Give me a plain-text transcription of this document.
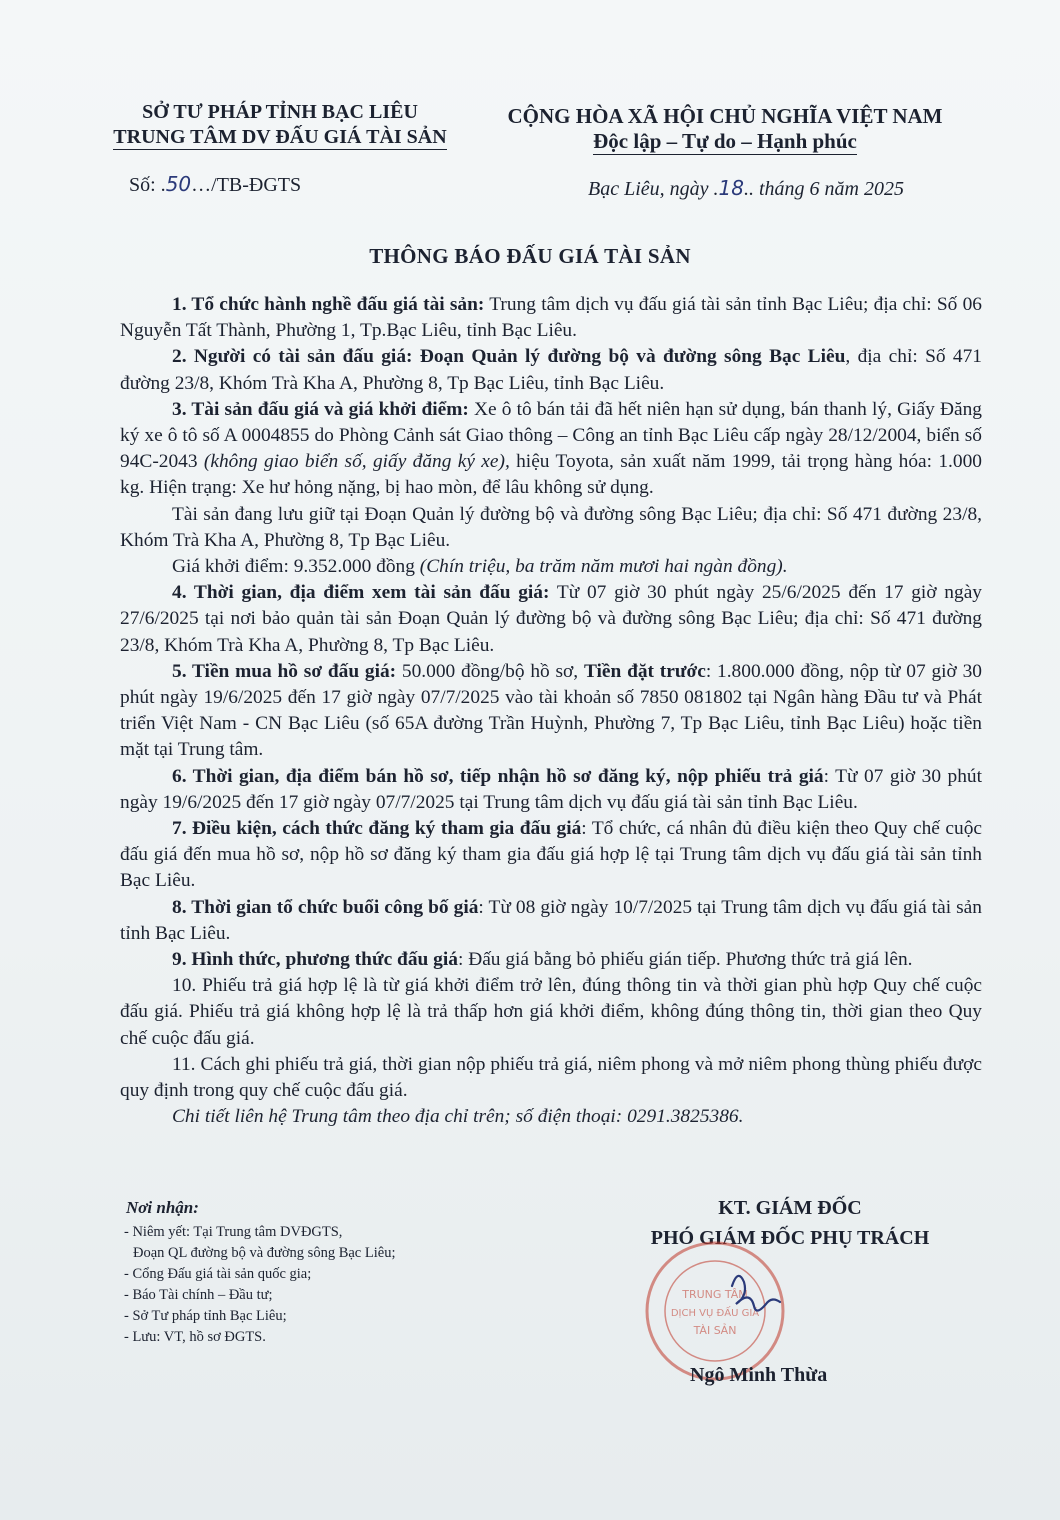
SỞ TƯ PHÁP TỈNH BẠC LIÊU
TRUNG TÂM DV ĐẤU GIÁ TÀI SẢN
CỘNG HÒA XÃ HỘI CHỦ NGHĨA VIỆT NAM
Độc lập – Tự do – Hạnh phúc
Số: .50…/TB-ĐGTS	Bạc Liêu, ngày .18.. tháng 6 năm 2025
THÔNG BÁO ĐẤU GIÁ TÀI SẢN

1. Tổ chức hành nghề đấu giá tài sản: Trung tâm dịch vụ đấu giá tài sản tỉnh Bạc Liêu; địa chỉ: Số 06 Nguyễn Tất Thành, Phường 1, Tp.Bạc Liêu, tỉnh Bạc Liêu.

2. Người có tài sản đấu giá: Đoạn Quản lý đường bộ và đường sông Bạc Liêu, địa chỉ: Số 471 đường 23/8, Khóm Trà Kha A, Phường 8, Tp Bạc Liêu, tỉnh Bạc Liêu.

3. Tài sản đấu giá và giá khởi điểm: Xe ô tô bán tải đã hết niên hạn sử dụng, bán thanh lý, Giấy Đăng ký xe ô tô số A 0004855 do Phòng Cảnh sát Giao thông – Công an tỉnh Bạc Liêu cấp ngày 28/12/2004, biển số 94C-2043 (không giao biển số, giấy đăng ký xe), hiệu Toyota, sản xuất năm 1999, tải trọng hàng hóa: 1.000 kg. Hiện trạng: Xe hư hỏng nặng, bị hao mòn, để lâu không sử dụng.

Tài sản đang lưu giữ tại Đoạn Quản lý đường bộ và đường sông Bạc Liêu; địa chỉ: Số 471 đường 23/8, Khóm Trà Kha A, Phường 8, Tp Bạc Liêu.

Giá khởi điểm: 9.352.000 đồng (Chín triệu, ba trăm năm mươi hai ngàn đồng).

4. Thời gian, địa điểm xem tài sản đấu giá: Từ 07 giờ 30 phút ngày 25/6/2025 đến 17 giờ ngày 27/6/2025 tại nơi bảo quản tài sản Đoạn Quản lý đường bộ và đường sông Bạc Liêu; địa chỉ: Số 471 đường 23/8, Khóm Trà Kha A, Phường 8, Tp Bạc Liêu.

5. Tiền mua hồ sơ đấu giá: 50.000 đồng/bộ hồ sơ, Tiền đặt trước: 1.800.000 đồng, nộp từ 07 giờ 30 phút ngày 19/6/2025 đến 17 giờ ngày 07/7/2025 vào tài khoản số 7850 081802 tại Ngân hàng Đầu tư và Phát triển Việt Nam - CN Bạc Liêu (số 65A đường Trần Huỳnh, Phường 7, Tp Bạc Liêu, tỉnh Bạc Liêu) hoặc tiền mặt tại Trung tâm.

6. Thời gian, địa điểm bán hồ sơ, tiếp nhận hồ sơ đăng ký, nộp phiếu trả giá: Từ 07 giờ 30 phút ngày 19/6/2025 đến 17 giờ ngày 07/7/2025 tại Trung tâm dịch vụ đấu giá tài sản tỉnh Bạc Liêu.

7. Điều kiện, cách thức đăng ký tham gia đấu giá: Tổ chức, cá nhân đủ điều kiện theo Quy chế cuộc đấu giá đến mua hồ sơ, nộp hồ sơ đăng ký tham gia đấu giá hợp lệ tại Trung tâm dịch vụ đấu giá tài sản tỉnh Bạc Liêu.

8. Thời gian tổ chức buổi công bố giá: Từ 08 giờ ngày 10/7/2025 tại Trung tâm dịch vụ đấu giá tài sản tỉnh Bạc Liêu.

9. Hình thức, phương thức đấu giá: Đấu giá bằng bỏ phiếu gián tiếp. Phương thức trả giá lên.

10. Phiếu trả giá hợp lệ là từ giá khởi điểm trở lên, đúng thông tin và thời gian phù hợp Quy chế cuộc đấu giá. Phiếu trả giá không hợp lệ là trả thấp hơn giá khởi điểm, không đúng thông tin, thời gian theo Quy chế cuộc đấu giá.

11. Cách ghi phiếu trả giá, thời gian nộp phiếu trả giá, niêm phong và mở niêm phong thùng phiếu được quy định trong quy chế cuộc đấu giá.

Chi tiết liên hệ Trung tâm theo địa chỉ trên; số điện thoại: 0291.3825386.

Nơi nhận:
- Niêm yết: Tại Trung tâm DVĐGTS,
Đoạn QL đường bộ và đường sông Bạc Liêu;
- Cổng Đấu giá tài sản quốc gia;
- Báo Tài chính – Đầu tư;
- Sở Tư pháp tỉnh Bạc Liêu;
- Lưu: VT, hồ sơ ĐGTS.
KT. GIÁM ĐỐC
PHÓ GIÁM ĐỐC PHỤ TRÁCH
TRUNG TÂM
DỊCH VỤ ĐẤU GIÁ
TÀI SẢN
Ngô Minh Thừa
